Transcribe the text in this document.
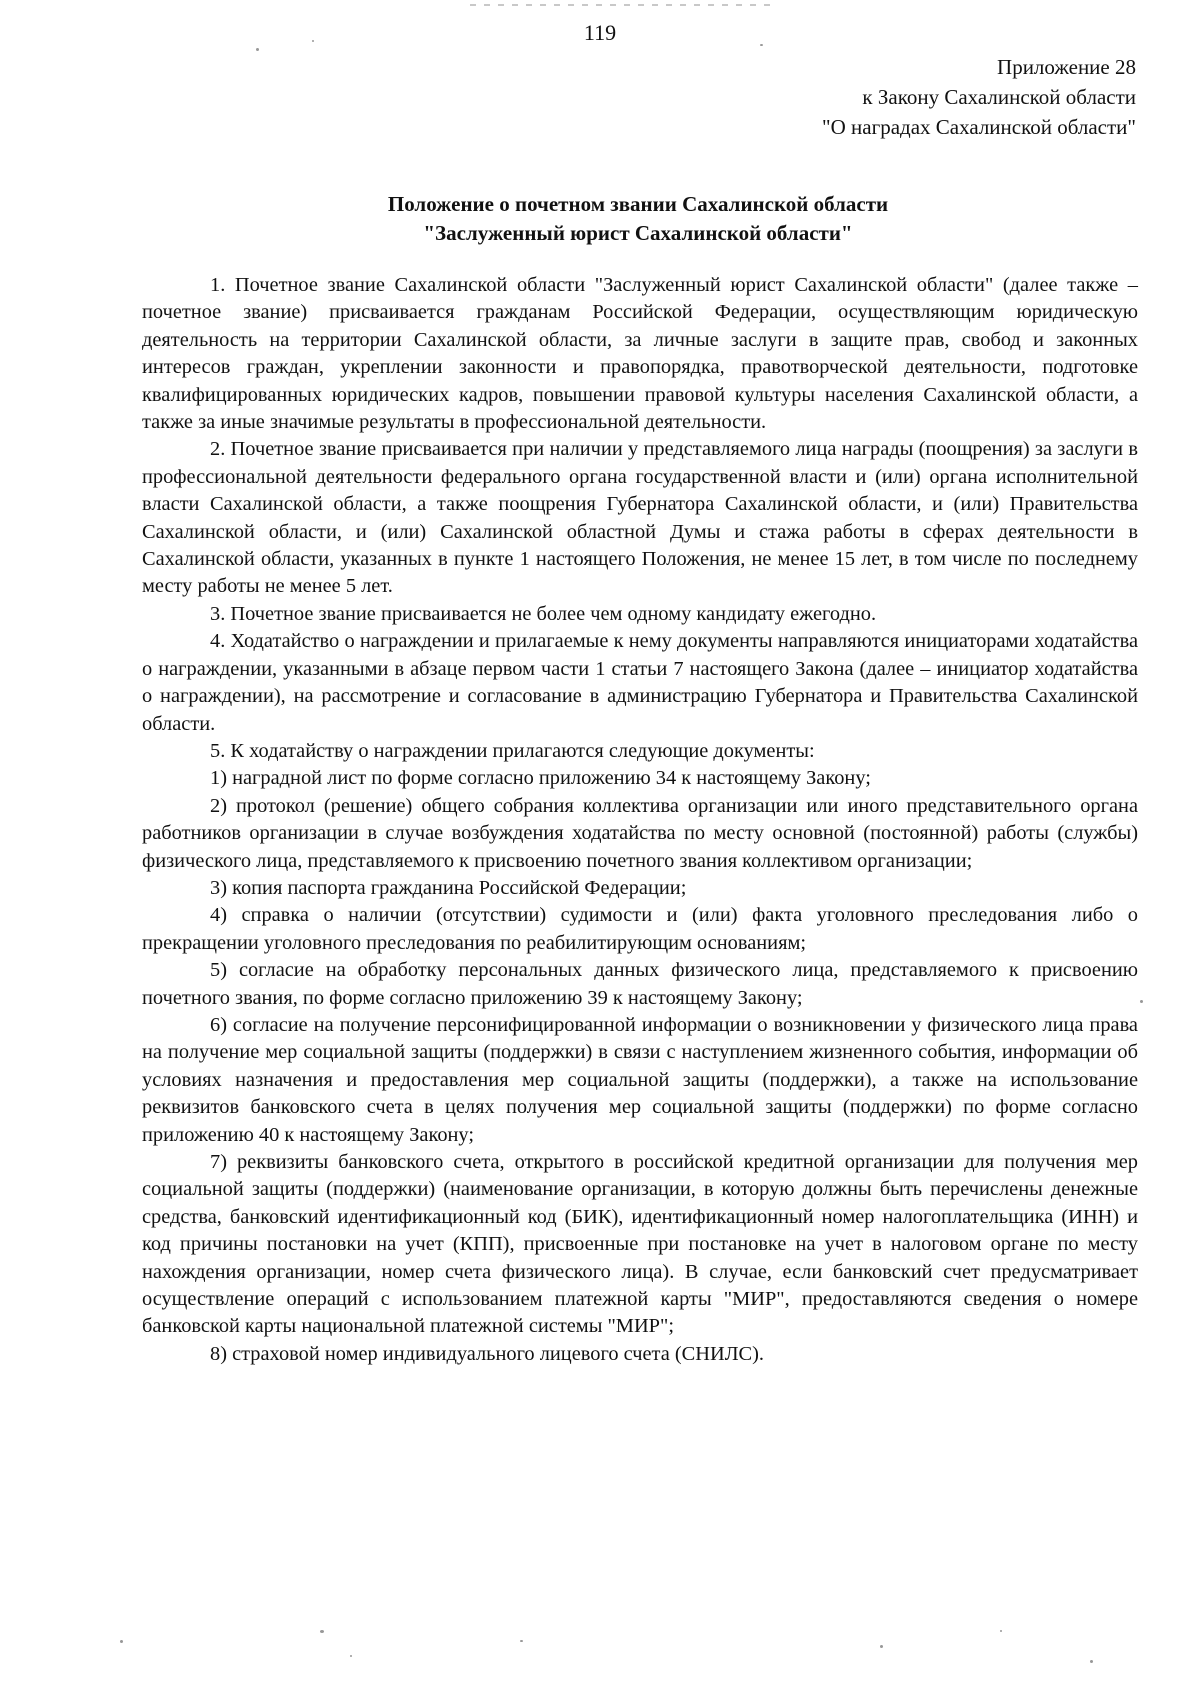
119
Приложение 28
к Закону Сахалинской области
"О наградах Сахалинской области"
Положение о почетном звании Сахалинской области
"Заслуженный юрист Сахалинской области"

1. Почетное звание Сахалинской области "Заслуженный юрист Сахалинской области" (далее также – почетное звание) присваивается гражданам Российской Федерации, осуществляющим юридическую деятельность на территории Сахалинской области, за личные заслуги в защите прав, свобод и законных интересов граждан, укреплении законности и правопорядка, правотворческой деятельности, подготовке квалифицированных юридических кадров, повышении правовой культуры населения Сахалинской области, а также за иные значимые результаты в профессиональной деятельности.

2. Почетное звание присваивается при наличии у представляемого лица награды (поощрения) за заслуги в профессиональной деятельности федерального органа государственной власти и (или) органа исполнительной власти Сахалинской области, а также поощрения Губернатора Сахалинской области, и (или) Правительства Сахалинской области, и (или) Сахалинской областной Думы и стажа работы в сферах деятельности в Сахалинской области, указанных в пункте 1 настоящего Положения, не менее 15 лет, в том числе по последнему месту работы не менее 5 лет.

3. Почетное звание присваивается не более чем одному кандидату ежегодно.

4. Ходатайство о награждении и прилагаемые к нему документы направляются инициаторами ходатайства о награждении, указанными в абзаце первом части 1 статьи 7 настоящего Закона (далее – инициатор ходатайства о награждении), на рассмотрение и согласование в администрацию Губернатора и Правительства Сахалинской области.

5. К ходатайству о награждении прилагаются следующие документы:

1) наградной лист по форме согласно приложению 34 к настоящему Закону;

2) протокол (решение) общего собрания коллектива организации или иного представительного органа работников организации в случае возбуждения ходатайства по месту основной (постоянной) работы (службы) физического лица, представляемого к присвоению почетного звания коллективом организации;

3) копия паспорта гражданина Российской Федерации;

4) справка о наличии (отсутствии) судимости и (или) факта уголовного преследования либо о прекращении уголовного преследования по реабилитирующим основаниям;

5) согласие на обработку персональных данных физического лица, представляемого к присвоению почетного звания, по форме согласно приложению 39 к настоящему Закону;

6) согласие на получение персонифицированной информации о возникновении у физического лица права на получение мер социальной защиты (поддержки) в связи с наступлением жизненного события, информации об условиях назначения и предоставления мер социальной защиты (поддержки), а также на использование реквизитов банковского счета в целях получения мер социальной защиты (поддержки) по форме согласно приложению 40 к настоящему Закону;

7) реквизиты банковского счета, открытого в российской кредитной организации для получения мер социальной защиты (поддержки) (наименование организации, в которую должны быть перечислены денежные средства, банковский идентификационный код (БИК), идентификационный номер налогоплательщика (ИНН) и код причины постановки на учет (КПП), присвоенные при постановке на учет в налоговом органе по месту нахождения организации, номер счета физического лица). В случае, если банковский счет предусматривает осуществление операций с использованием платежной карты "МИР", предоставляются сведения о номере банковской карты национальной платежной системы "МИР";

8) страховой номер индивидуального лицевого счета (СНИЛС).
